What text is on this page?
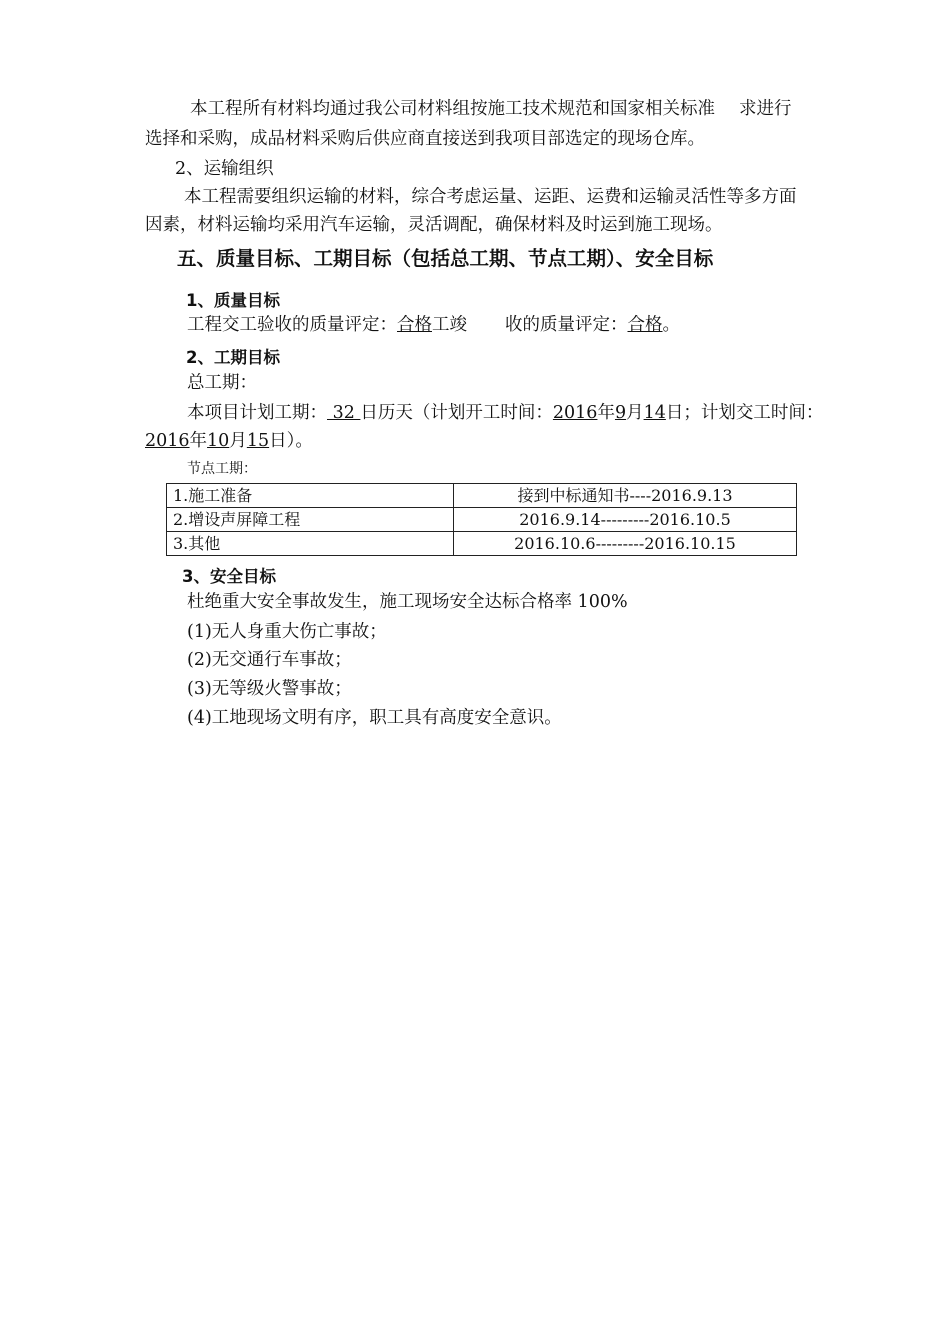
本工程所有材料均通过我公司材料组按施工技术规范和国家相关标准 求进行
选择和采购，成品材料采购后供应商直接送到我项目部选定的现场仓库。
2、运输组织
本工程需要组织运输的材料，综合考虑运量、运距、运费和运输灵活性等多方面
因素，材料运输均采用汽车运输，灵活调配，确保材料及时运到施工现场。
五、质量目标、工期目标（包括总工期、节点工期）、安全目标
1、质量目标
工程交工验收的质量评定：合格工竣 收的质量评定：合格。
2、工期目标
总工期：
本项目计划工期： 32 日历天（计划开工时间：2016年9月14日；计划交工时间：
2016年10月15日）。
节点工期：
1.施工准备	接到中标通知书----2016.9.13
2.增设声屏障工程	2016.9.14---------2016.10.5
3.其他	2016.10.6---------2016.10.15
3、安全目标
杜绝重大安全事故发生，施工现场安全达标合格率 100%
(1)无人身重大伤亡事故；
(2)无交通行车事故；
(3)无等级火警事故；
(4)工地现场文明有序，职工具有高度安全意识。
